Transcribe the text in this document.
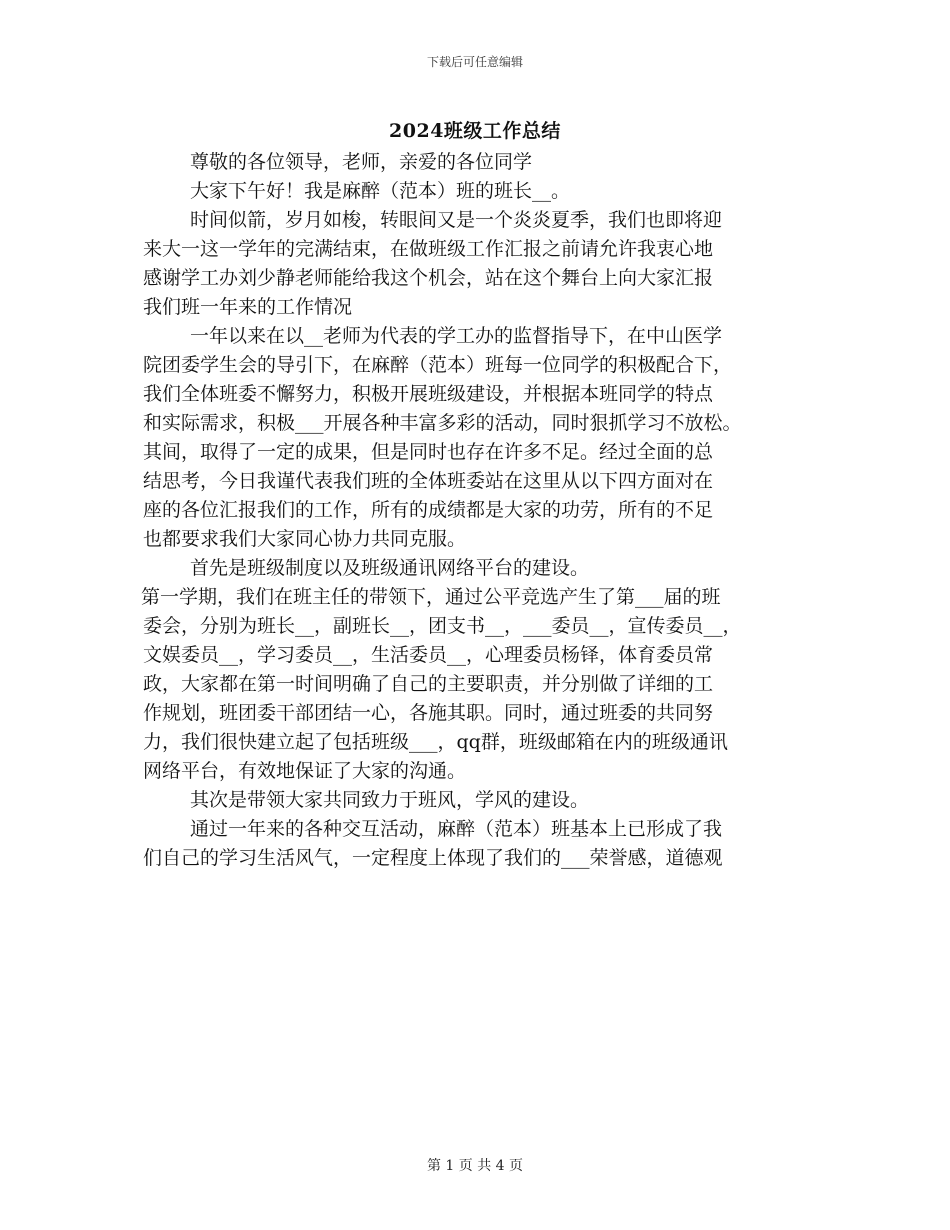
下载后可任意编辑
2024班级工作总结

尊敬的各位领导，老师，亲爱的各位同学

大家下午好！我是麻醉（范本）班的班长__。

时间似箭，岁月如梭，转眼间又是一个炎炎夏季，我们也即将迎

来大一这一学年的完满结束，在做班级工作汇报之前请允许我衷心地

感谢学工办刘少静老师能给我这个机会，站在这个舞台上向大家汇报

我们班一年来的工作情况

一年以来在以__老师为代表的学工办的监督指导下，在中山医学

院团委学生会的导引下，在麻醉（范本）班每一位同学的积极配合下，

我们全体班委不懈努力，积极开展班级建设，并根据本班同学的特点

和实际需求，积极___开展各种丰富多彩的活动，同时狠抓学习不放松。

其间，取得了一定的成果，但是同时也存在许多不足。经过全面的总

结思考，今日我谨代表我们班的全体班委站在这里从以下四方面对在

座的各位汇报我们的工作，所有的成绩都是大家的功劳，所有的不足

也都要求我们大家同心协力共同克服。

首先是班级制度以及班级通讯网络平台的建设。

第一学期，我们在班主任的带领下，通过公平竞选产生了第___届的班

委会，分别为班长__，副班长__，团支书__，___委员__，宣传委员__，

文娱委员__，学习委员__，生活委员__，心理委员杨铎，体育委员常

政，大家都在第一时间明确了自己的主要职责，并分别做了详细的工

作规划，班团委干部团结一心，各施其职。同时，通过班委的共同努

力，我们很快建立起了包括班级___，qq群，班级邮箱在内的班级通讯

网络平台，有效地保证了大家的沟通。

其次是带领大家共同致力于班风，学风的建设。

通过一年来的各种交互活动，麻醉（范本）班基本上已形成了我

们自己的学习生活风气，一定程度上体现了我们的___荣誉感，道德观

第 1 页 共 4 页
